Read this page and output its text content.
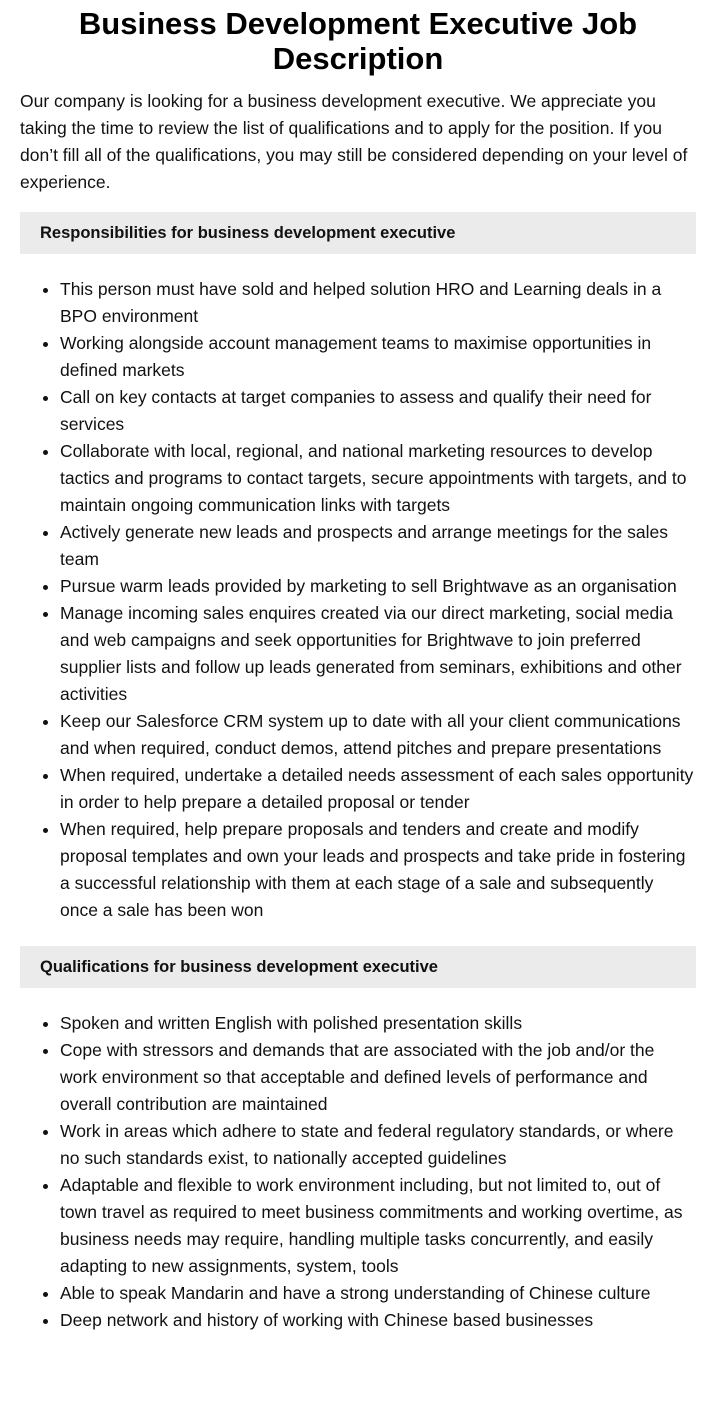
Business Development Executive Job Description

Our company is looking for a business development executive. We appreciate you taking the time to review the list of qualifications and to apply for the position. If you don’t fill all of the qualifications, you may still be considered depending on your level of experience.

Responsibilities for business development executive
• This person must have sold and helped solution HRO and Learning deals in a BPO environment
• Working alongside account management teams to maximise opportunities in defined markets
• Call on key contacts at target companies to assess and qualify their need for services
• Collaborate with local, regional, and national marketing resources to develop tactics and programs to contact targets, secure appointments with targets, and to maintain ongoing communication links with targets
• Actively generate new leads and prospects and arrange meetings for the sales team
• Pursue warm leads provided by marketing to sell Brightwave as an organisation
• Manage incoming sales enquires created via our direct marketing, social media and web campaigns and seek opportunities for Brightwave to join preferred supplier lists and follow up leads generated from seminars, exhibitions and other activities
• Keep our Salesforce CRM system up to date with all your client communications and when required, conduct demos, attend pitches and prepare presentations
• When required, undertake a detailed needs assessment of each sales opportunity in order to help prepare a detailed proposal or tender
• When required, help prepare proposals and tenders and create and modify proposal templates and own your leads and prospects and take pride in fostering a successful relationship with them at each stage of a sale and subsequently once a sale has been won
Qualifications for business development executive
• Spoken and written English with polished presentation skills
• Cope with stressors and demands that are associated with the job and/or the work environment so that acceptable and defined levels of performance and overall contribution are maintained
• Work in areas which adhere to state and federal regulatory standards, or where no such standards exist, to nationally accepted guidelines
• Adaptable and flexible to work environment including, but not limited to, out of town travel as required to meet business commitments and working overtime, as business needs may require, handling multiple tasks concurrently, and easily adapting to new assignments, system, tools
• Able to speak Mandarin and have a strong understanding of Chinese culture
• Deep network and history of working with Chinese based businesses
